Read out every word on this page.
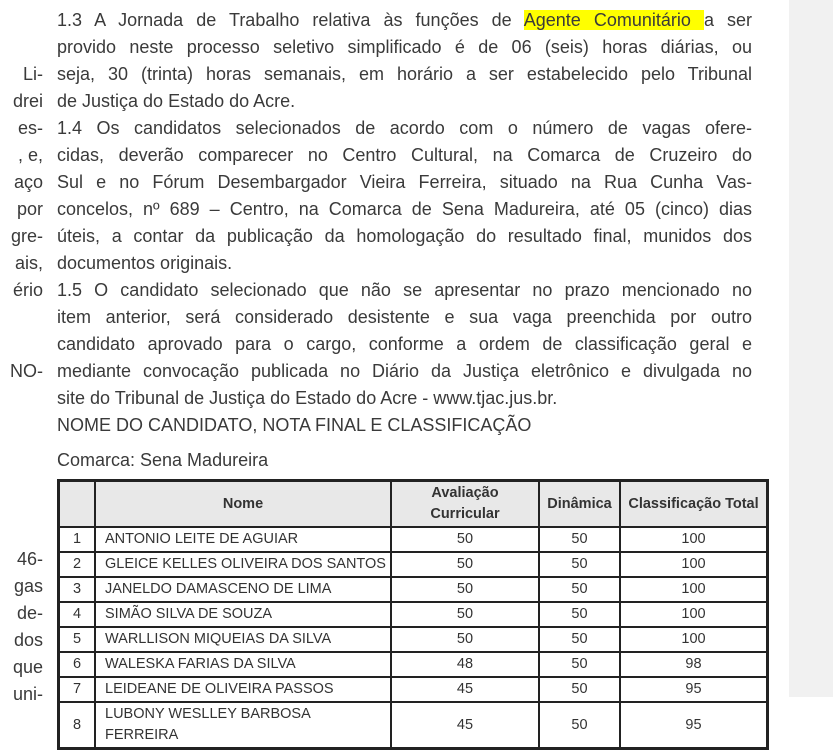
Li-
drei
es-
, e,
aço
por
gre-
ais,
ério
NO-
46-
gas
de-
dos
que
uni-
1.3 A Jornada de Trabalho relativa às funções de Agente Comunitário a ser
provido neste processo seletivo simplificado é de 06 (seis) horas diárias, ou
seja, 30 (trinta) horas semanais, em horário a ser estabelecido pelo Tribunal
de Justiça do Estado do Acre.
1.4 Os candidatos selecionados de acordo com o número de vagas ofere-
cidas, deverão comparecer no Centro Cultural, na Comarca de Cruzeiro do
Sul e no Fórum Desembargador Vieira Ferreira, situado na Rua Cunha Vas-
concelos, nº 689 – Centro, na Comarca de Sena Madureira, até 05 (cinco) dias
úteis, a contar da publicação da homologação do resultado final, munidos dos
documentos originais.
1.5 O candidato selecionado que não se apresentar no prazo mencionado no
item anterior, será considerado desistente e sua vaga preenchida por outro
candidato aprovado para o cargo, conforme a ordem de classificação geral e
mediante convocação publicada no Diário da Justiça eletrônico e divulgada no
site do Tribunal de Justiça do Estado do Acre - www.tjac.jus.br.
NOME DO CANDIDATO, NOTA FINAL E CLASSIFICAÇÃO
Comarca: Sena Madureira
	Nome	Avaliação Curricular	Dinâmica	Classificação Total
1	ANTONIO LEITE DE AGUIAR	50	50	100
2	GLEICE KELLES OLIVEIRA DOS SANTOS	50	50	100
3	JANELDO DAMASCENO DE LIMA	50	50	100
4	SIMÃO SILVA DE SOUZA	50	50	100
5	WARLLISON MIQUEIAS DA SILVA	50	50	100
6	WALESKA FARIAS DA SILVA	48	50	98
7	LEIDEANE DE OLIVEIRA PASSOS	45	50	95
8	LUBONY WESLLEY BARBOSA FERREIRA	45	50	95
